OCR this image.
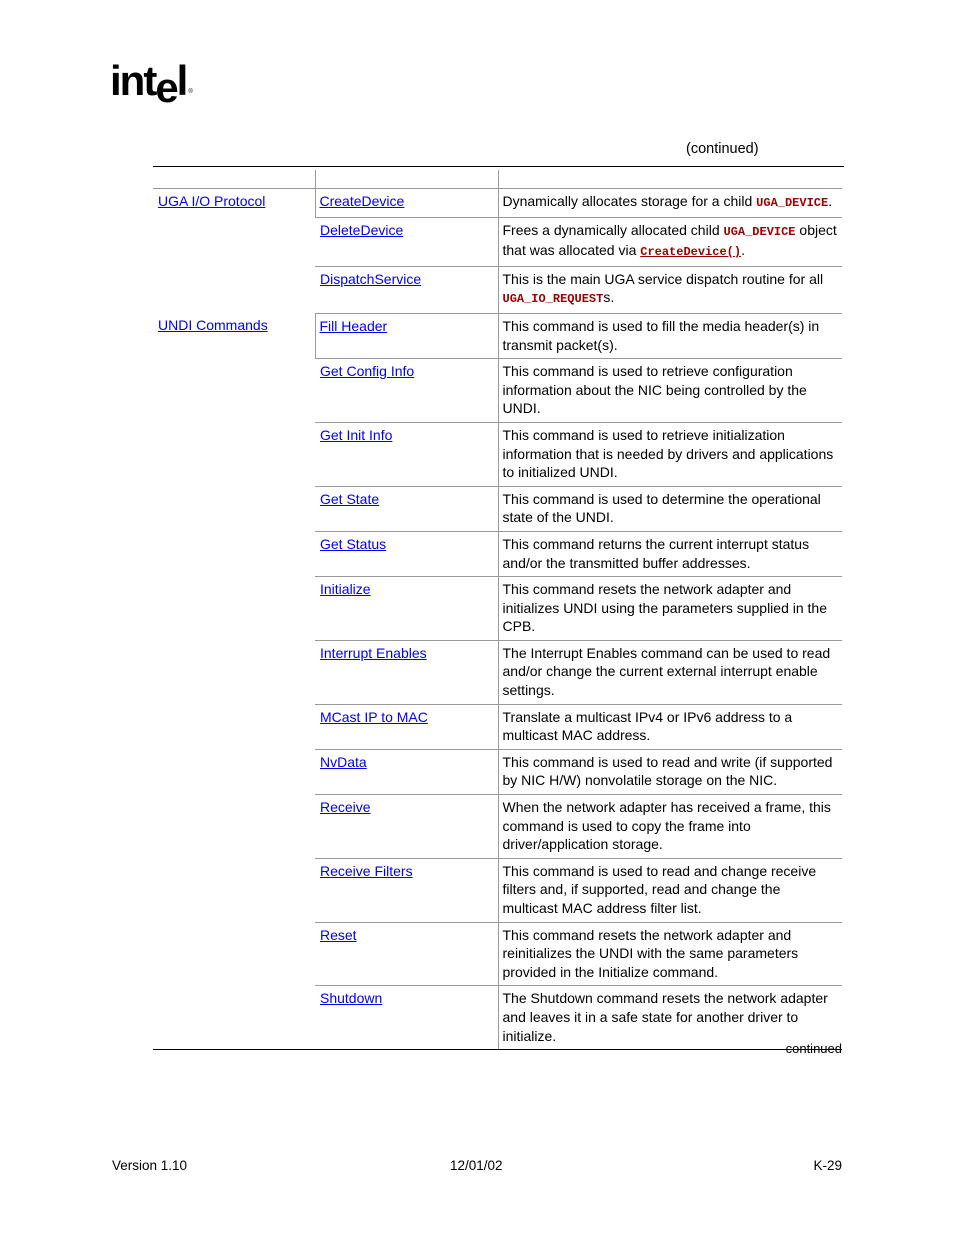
intel ®
(continued)

UGA I/O Protocol	CreateDevice	Dynamically allocates storage for a child UGA_DEVICE.
	DeleteDevice	Frees a dynamically allocated child UGA_DEVICE object that was allocated via CreateDevice().
	DispatchService	This is the main UGA service dispatch routine for all UGA_IO_REQUESTs.
UNDI Commands	Fill Header	This command is used to fill the media header(s) in transmit packet(s).
	Get Config Info	This command is used to retrieve configuration information about the NIC being controlled by the UNDI.
	Get Init Info	This command is used to retrieve initialization information that is needed by drivers and applications to initialized UNDI.
	Get State	This command is used to determine the operational state of the UNDI.
	Get Status	This command returns the current interrupt status and/or the transmitted buffer addresses.
	Initialize	This command resets the network adapter and initializes UNDI using the parameters supplied in the CPB.
	Interrupt Enables	The Interrupt Enables command can be used to read and/or change the current external interrupt enable settings.
	MCast IP to MAC	Translate a multicast IPv4 or IPv6 address to a multicast MAC address.
	NvData	This command is used to read and write (if supported by NIC H/W) nonvolatile storage on the NIC.
	Receive	When the network adapter has received a frame, this command is used to copy the frame into driver/application storage.
	Receive Filters	This command is used to read and change receive filters and, if supported, read and change the multicast MAC address filter list.
	Reset	This command resets the network adapter and reinitializes the UNDI with the same parameters provided in the Initialize command.
	Shutdown	The Shutdown command resets the network adapter and leaves it in a safe state for another driver to initialize.
continued
Version 1.10	12/01/02	K-29
